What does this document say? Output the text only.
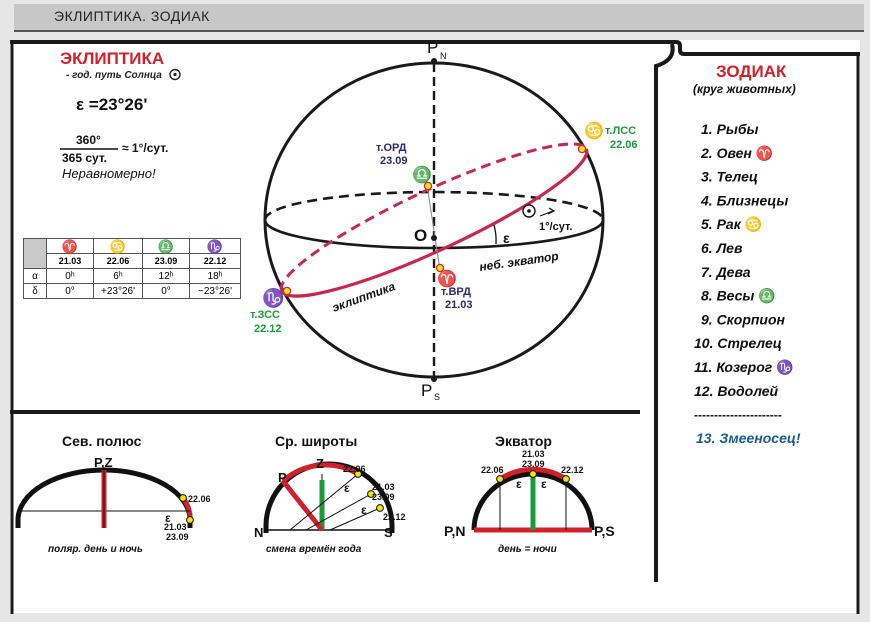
ЭКЛИПТИКА. ЗОДИАК
ЭКЛИПТИКА
- год. путь Солнца
ε =23°26'
360°
365 сут.
≈ 1°/сут.
Неравномерно!
P N
P S
O
т.ОРД
23.09
♎
♋ т.ЛСС
22.06
♑
т.ЗСС
22.12
♈
т.ВРД
21.03
1°/сут.
ε
неб. экватор
эклиптика
ЗОДИАК
(круг животных)
1. Рыбы
2. Овен ♈
3. Телец
4. Близнецы
5. Рак ♋
6. Лев
7. Дева
8. Весы ♎
9. Скорпион
10. Стрелец
11. Козерог ♑
12. Водолей
----------------------
13. Змееносец!
Сев. полюс
P,Z
22.06
ε
21.03
23.09
поляр. день и ночь
Ср. широты
P
Z
N	S
22.06
21.03
23.09
22.12
ε
ε
смена времён года
Экватор
21.03
23.09
22.06	22.12
ε ε
P,N	P,S
день = ночи

	♈	♋	♎	♑

	21.03	22.06	23.09	22.12
α	0ʰ	6ʰ	12ʰ	18ʰ
δ	0°	+23°26'	0°	−23°26'
